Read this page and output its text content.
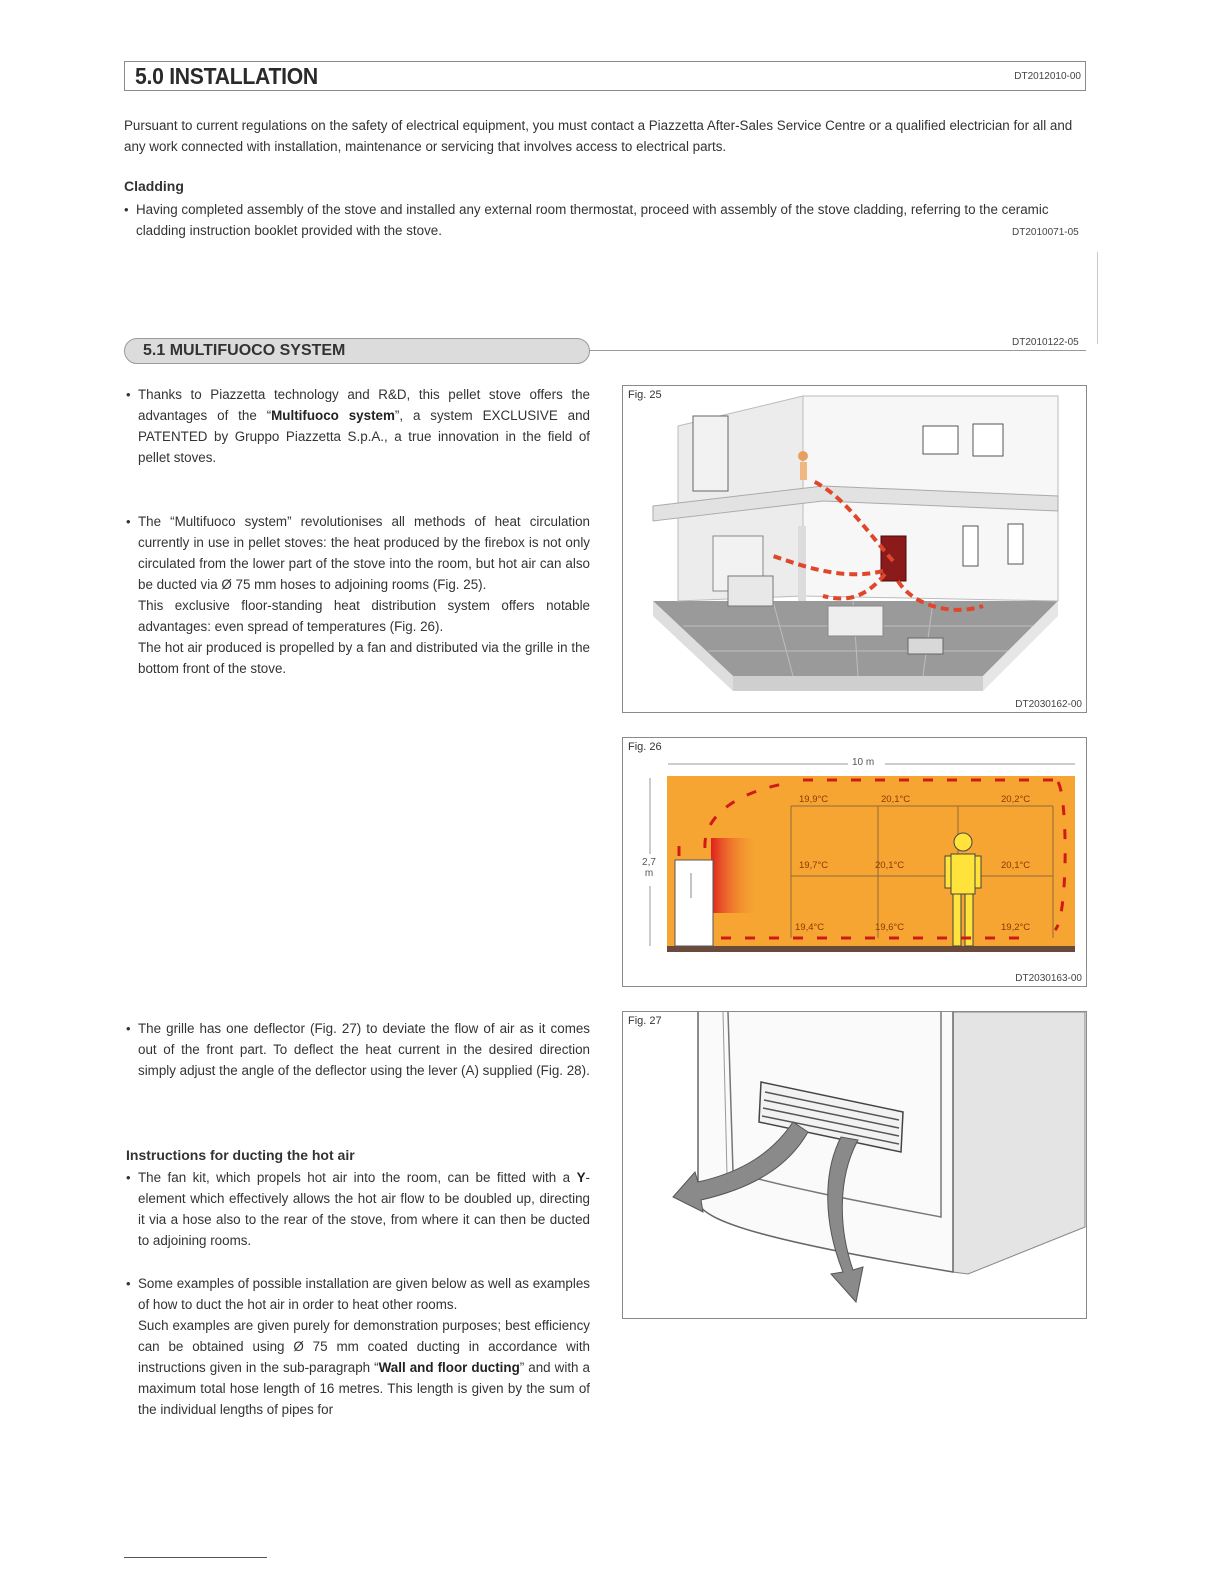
5.0 INSTALLATION	DT2012010-00
Pursuant to current regulations on the safety of electrical equipment, you must contact a Piazzetta After-Sales Service Centre or a qualified electrician for all and any work connected with installation, maintenance or servicing that involves access to electrical parts.
Cladding
• Having completed assembly of the stove and installed any external room thermostat, proceed with assembly of the stove cladding, referring to the ceramic cladding instruction booklet provided with the stove.	DT2010071-05
5.1 MULTIFUOCO SYSTEM	DT2010122-05
• Thanks to Piazzetta technology and R&D, this pellet stove offers the advantages of the “Multifuoco system”, a system EXCLUSIVE and PATENTED by Gruppo Piazzetta S.p.A., a true innovation in the field of pellet stoves.
• The “Multifuoco system” revolutionises all methods of heat circulation currently in use in pellet stoves: the heat produced by the firebox is not only circulated from the lower part of the stove into the room, but hot air can also be ducted via Ø 75 mm hoses to adjoining rooms (Fig. 25).
This exclusive floor-standing heat distribution system offers notable advantages: even spread of temperatures (Fig. 26).
The hot air produced is propelled by a fan and distributed via the grille in the bottom front of the stove.
• The grille has one deflector (Fig. 27) to deviate the flow of air as it comes out of the front part. To deflect the heat current in the desired direction simply adjust the angle of the deflector using the lever (A) supplied (Fig. 28).
Instructions for ducting the hot air
• The fan kit, which propels hot air into the room, can be fitted with a Y-element which effectively allows the hot air flow to be doubled up, directing it via a hose also to the rear of the stove, from where it can then be ducted to adjoining rooms.
• Some examples of possible installation are given below as well as examples of how to duct the hot air in order to heat other rooms.
Such examples are given purely for demonstration purposes; best efficiency can be obtained using Ø 75 mm coated ducting in accordance with instructions given in the sub-paragraph “Wall and floor ducting” and with a maximum total hose length of 16 metres. This length is given by the sum of the individual lengths of pipes for
Fig. 25
DT2030162-00
Fig. 26
10 m
2,7 m
19,9°C	20,1°C	20,2°C
19,7°C	20,1°C	20,1°C
19,4°C	19,6°C	19,2°C
DT2030163-00
Fig. 27
